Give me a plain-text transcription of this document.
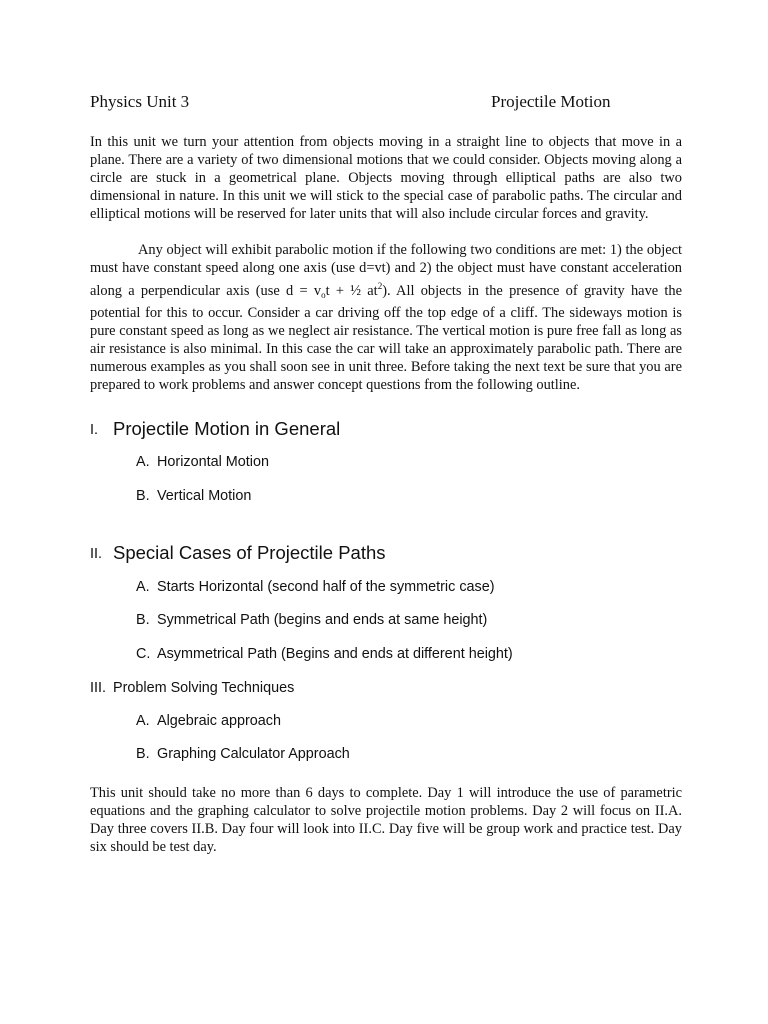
Physics Unit 3	Projectile Motion
In this unit we turn your attention from objects moving in a straight line to objects that move in a plane. There are a variety of two dimensional motions that we could consider. Objects moving along a circle are stuck in a geometrical plane. Objects moving through elliptical paths are also two dimensional in nature. In this unit we will stick to the special case of parabolic paths. The circular and elliptical motions will be reserved for later units that will also include circular forces and gravity.
Any object will exhibit parabolic motion if the following two conditions are met: 1) the object must have constant speed along one axis (use d=vt) and 2) the object must have constant acceleration along a perpendicular axis (use $d = v_ot$ + ½ $at^2$). All objects in the presence of gravity have the potential for this to occur. Consider a car driving off the top edge of a cliff. The sideways motion is pure constant speed as long as we neglect air resistance. The vertical motion is pure free fall as long as air resistance is also minimal. In this case the car will take an approximately parabolic path. There are numerous examples as you shall soon see in unit three. Before taking the next text be sure that you are prepared to work problems and answer concept questions from the following outline.
I. Projectile Motion in General
A. Horizontal Motion
B. Vertical Motion
II. Special Cases of Projectile Paths
A. Starts Horizontal (second half of the symmetric case)
B. Symmetrical Path (begins and ends at same height)
C. Asymmetrical Path (Begins and ends at different height)
III. Problem Solving Techniques
A. Algebraic approach
B. Graphing Calculator Approach
This unit should take no more than 6 days to complete. Day 1 will introduce the use of parametric equations and the graphing calculator to solve projectile motion problems. Day 2 will focus on II.A. Day three covers II.B. Day four will look into II.C. Day five will be group work and practice test. Day six should be test day.
